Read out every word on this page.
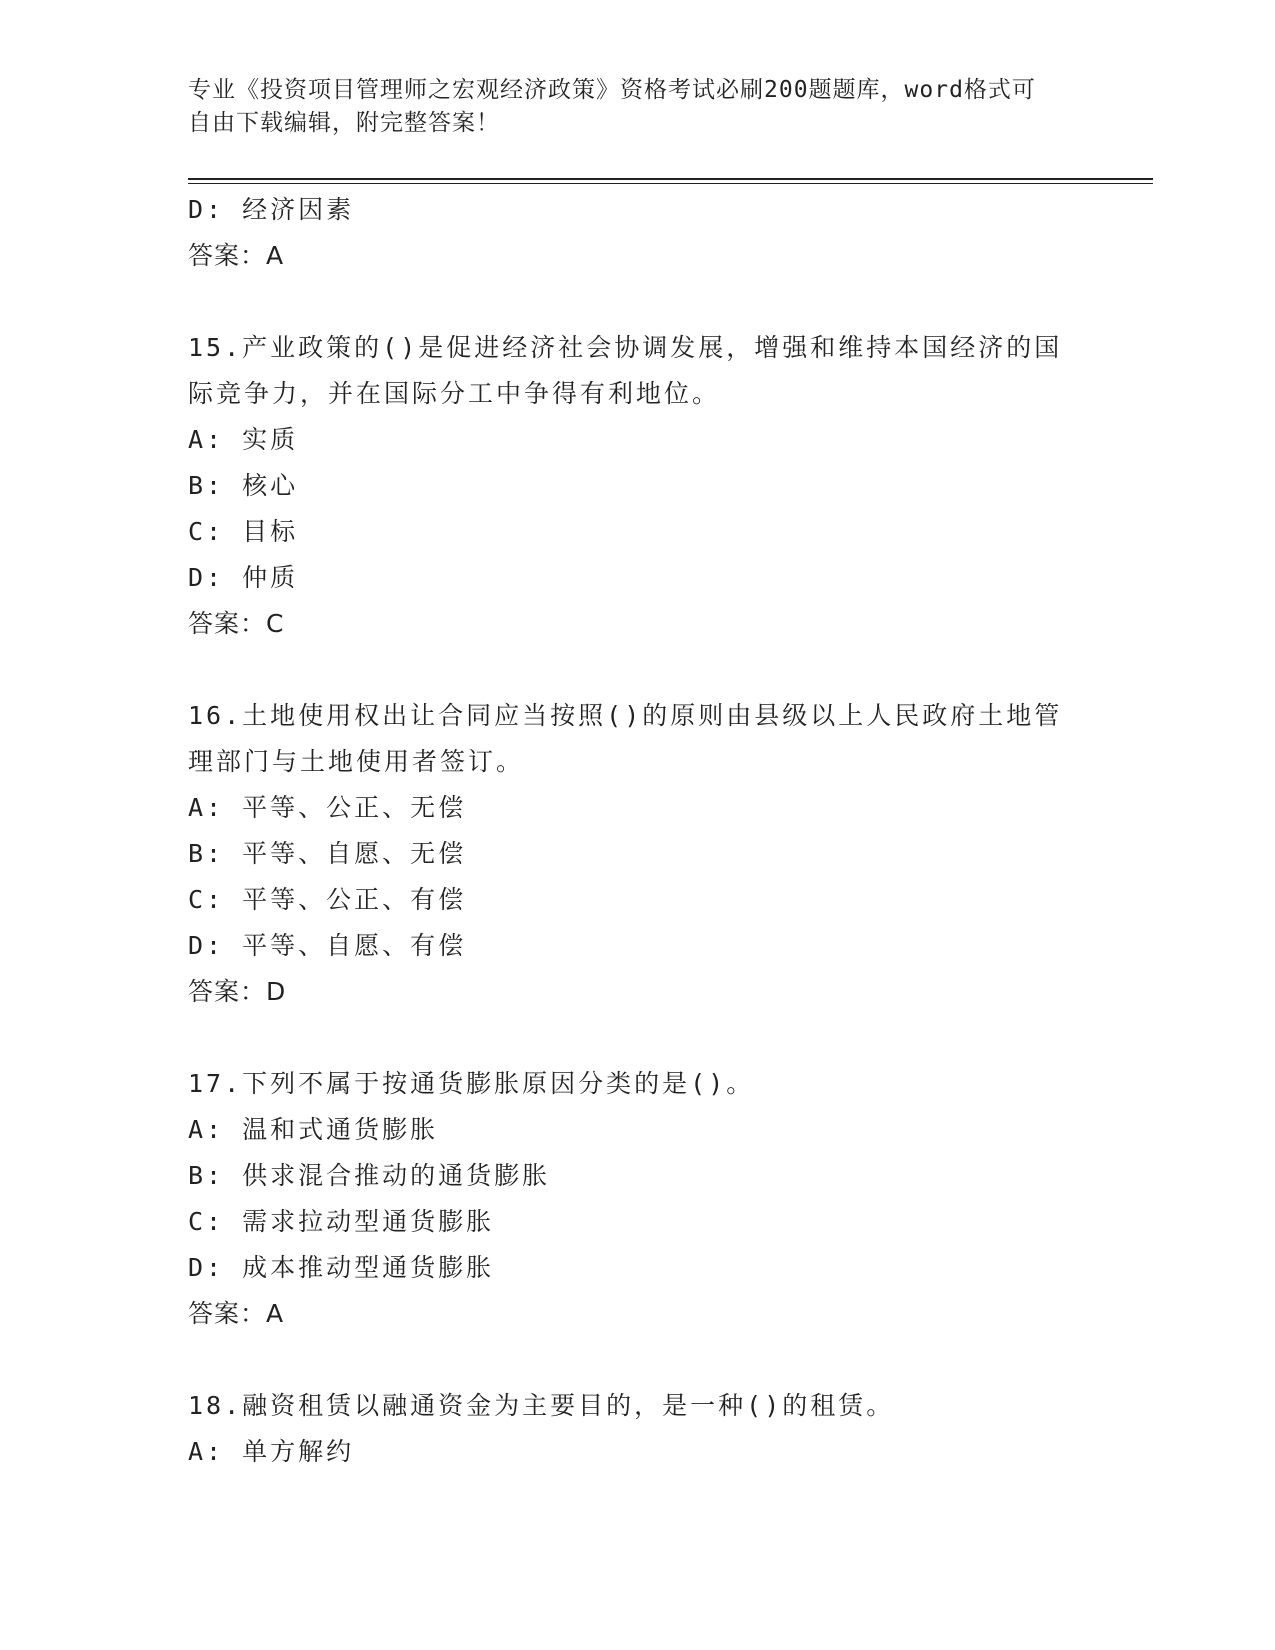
专业《投资项目管理师之宏观经济政策》资格考试必刷200题题库，word格式可
自由下载编辑，附完整答案！
D: 经济因素
答案：A
15.产业政策的()是促进经济社会协调发展，增强和维持本国经济的国
际竞争力，并在国际分工中争得有利地位。
A: 实质
B: 核心
C: 目标
D: 仲质
答案：C
16.土地使用权出让合同应当按照()的原则由县级以上人民政府土地管
理部门与土地使用者签订。
A: 平等、公正、无偿
B: 平等、自愿、无偿
C: 平等、公正、有偿
D: 平等、自愿、有偿
答案：D
17.下列不属于按通货膨胀原因分类的是()。
A: 温和式通货膨胀
B: 供求混合推动的通货膨胀
C: 需求拉动型通货膨胀
D: 成本推动型通货膨胀
答案：A
18.融资租赁以融通资金为主要目的，是一种()的租赁。
A: 单方解约
